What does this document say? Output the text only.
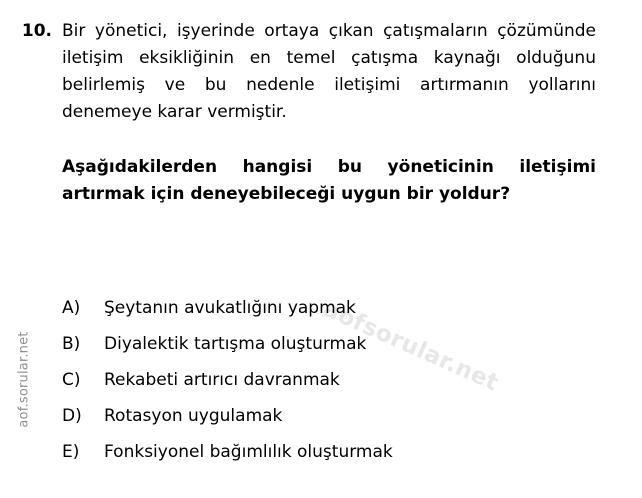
aof.sorular.net	aofsorular.net
10. Bir yönetici, işyerinde ortaya çıkan çatışmaların çözümünde iletişim eksikliğinin en temel çatışma kaynağı olduğunu belirlemiş ve bu nedenle iletişimi artırmanın yollarını denemeye karar vermiştir.

Aşağıdakilerden hangisi bu yöneticinin iletişimi artırmak için deneyebileceği uygun bir yoldur?

A)	Şeytanın avukatlığını yapmak
B)	Diyalektik tartışma oluşturmak
C)	Rekabeti artırıcı davranmak
D)	Rotasyon uygulamak
E)	Fonksiyonel bağımlılık oluşturmak
